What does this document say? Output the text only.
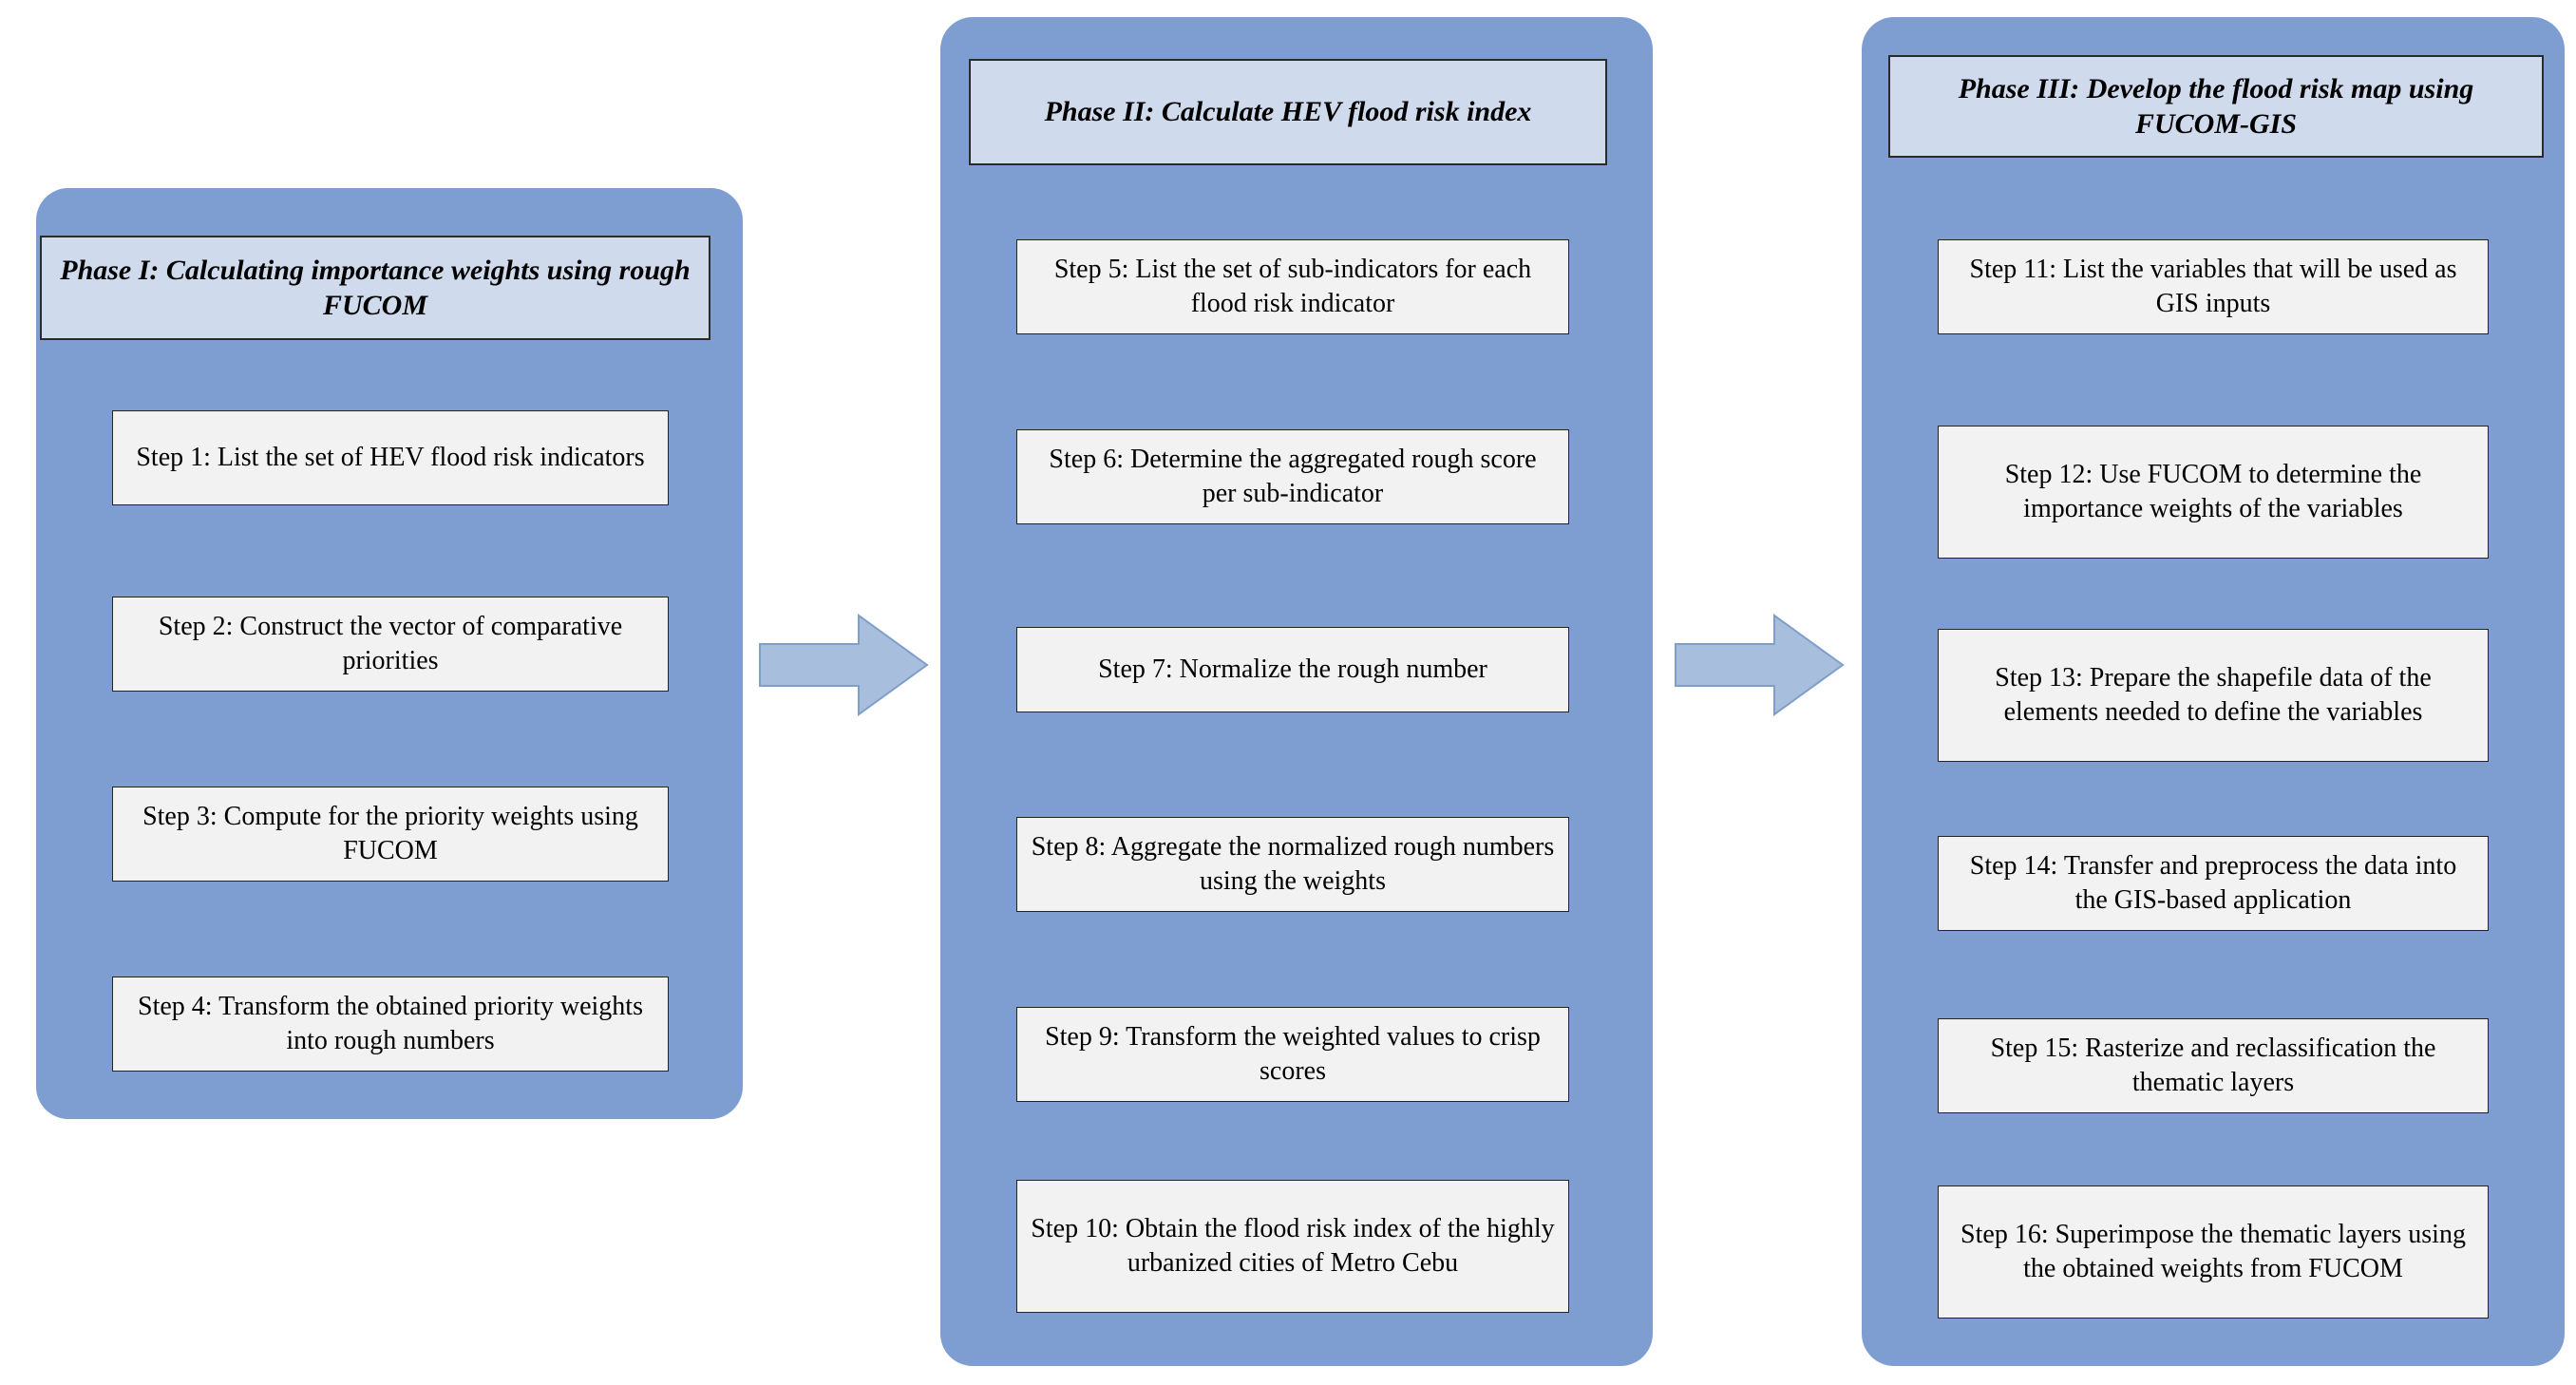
Phase I: Calculating importance weights using rough FUCOM
Step 1: List the set of HEV flood risk indicators
Step 2: Construct the vector of comparative priorities
Step 3: Compute for the priority weights using FUCOM
Step 4: Transform the obtained priority weights into rough numbers
Phase II: Calculate HEV flood risk index
Step 5: List the set of sub-indicators for each flood risk indicator
Step 6: Determine the aggregated rough score per sub-indicator
Step 7: Normalize the rough number
Step 8: Aggregate the normalized rough numbers using the weights
Step 9: Transform the weighted values to crisp scores
Step 10: Obtain the flood risk index of the highly urbanized cities of Metro Cebu
Phase III: Develop the flood risk map using FUCOM-GIS
Step 11: List the variables that will be used as GIS inputs
Step 12: Use FUCOM to determine the importance weights of the variables
Step 13: Prepare the shapefile data of the elements needed to define the variables
Step 14: Transfer and preprocess the data into the GIS-based application
Step 15: Rasterize and reclassification the thematic layers
Step 16: Superimpose the thematic layers using the obtained weights from FUCOM
